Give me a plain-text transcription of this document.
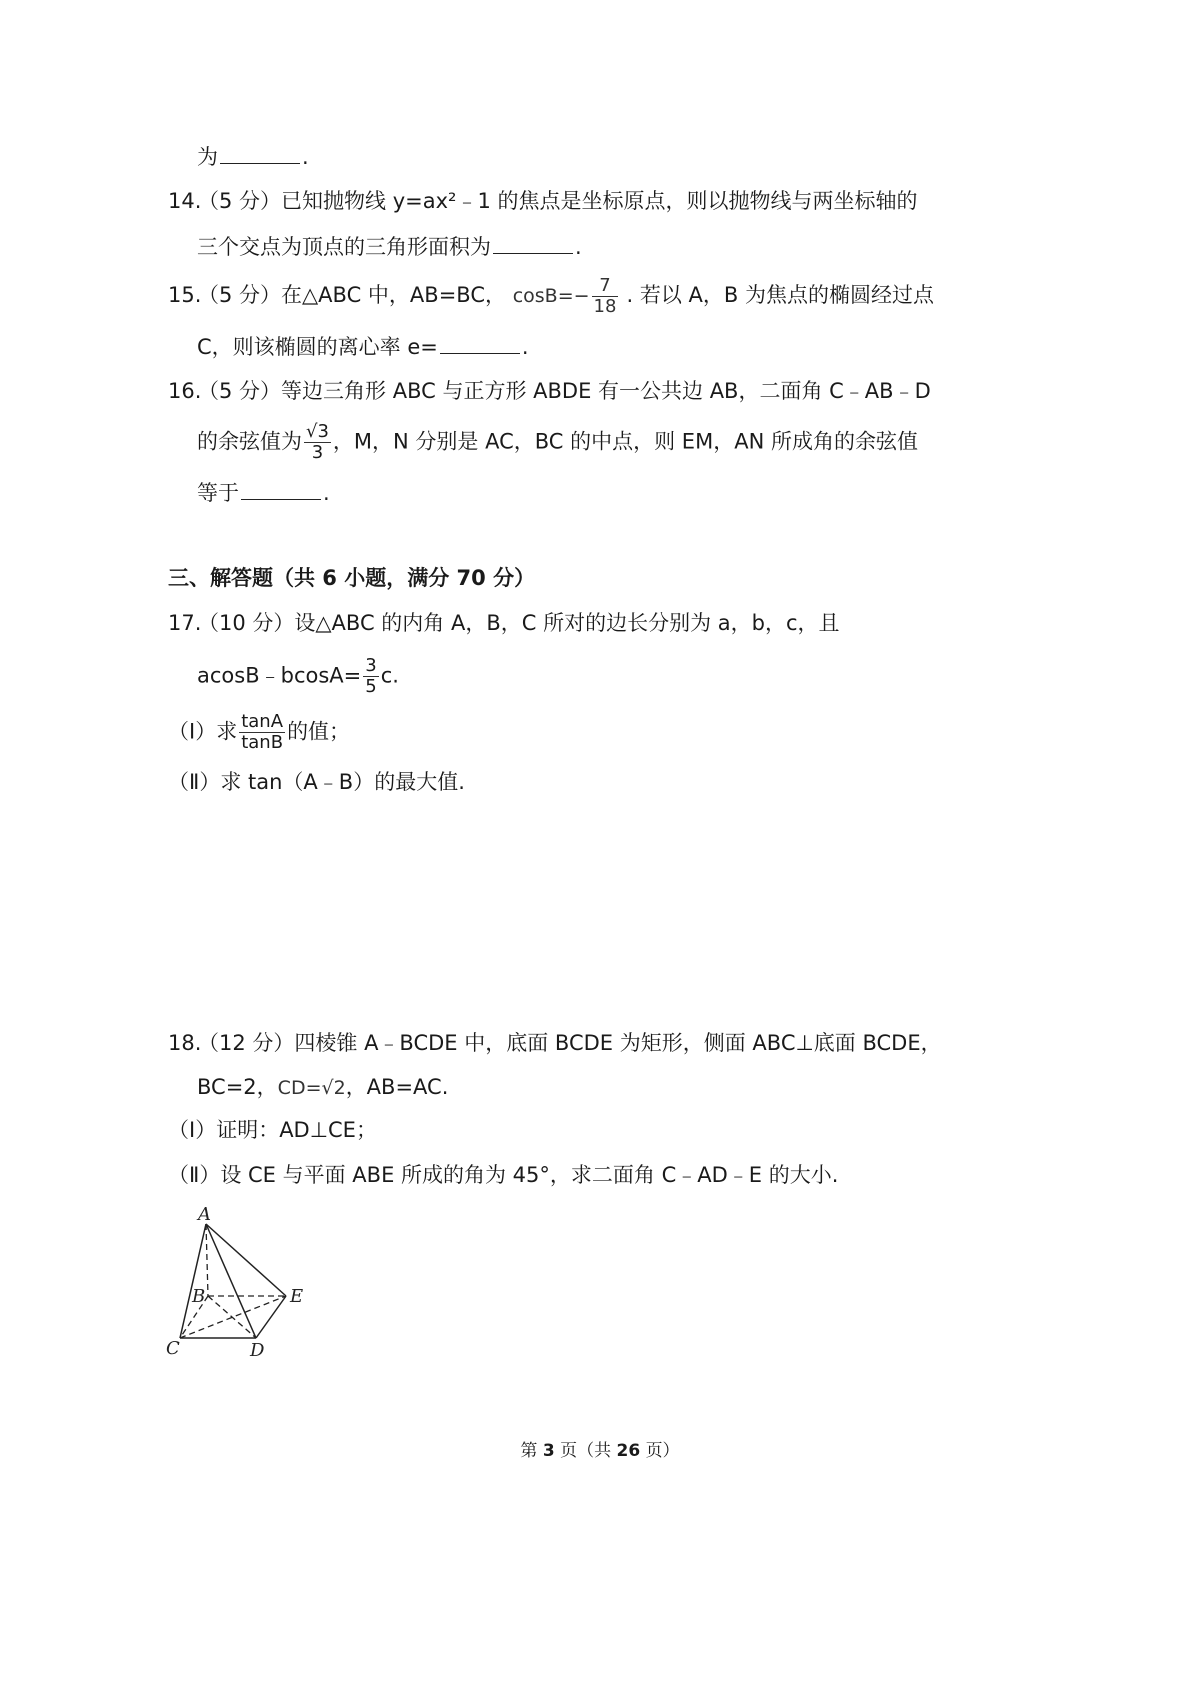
为	.
14.（5 分）已知抛物线 y=ax²﹣1 的焦点是坐标原点，则以抛物线与两坐标轴的
三个交点为顶点的三角形面积为	.
15.（5 分）在△ABC 中，AB=BC， $\cos B=- \frac{7}{18}$ . 若以 A，B 为焦点的椭圆经过点
C，则该椭圆的离心率 e=	.
16.（5 分）等边三角形 ABC 与正方形 ABDE 有一公共边 AB，二面角 C﹣AB﹣D
的余弦值为 $\frac{√3}{3}$ ，M，N 分别是 AC，BC 的中点，则 EM，AN 所成角的余弦值
等于	.
三、解答题（共 6 小题，满分 70 分）
17.（10 分）设△ABC 的内角 A，B，C 所对的边长分别为 a，b，c，且
acosB﹣bcosA= $\frac{3}{5} c$.
（Ⅰ）求 $\frac{\tan A}{\tan B}$ 的值；
（Ⅱ）求 tan（A﹣B）的最大值.
18.（12 分）四棱锥 A﹣BCDE 中，底面 BCDE 为矩形，侧面 ABC⊥底面 BCDE，
BC=2，CD=√2，AB=AC.
（Ⅰ）证明：AD⊥CE；
（Ⅱ）设 CE 与平面 ABE 所成的角为 45°，求二面角 C﹣AD﹣E 的大小.
A
B
C	D
E
第 3 页（共 26 页）
